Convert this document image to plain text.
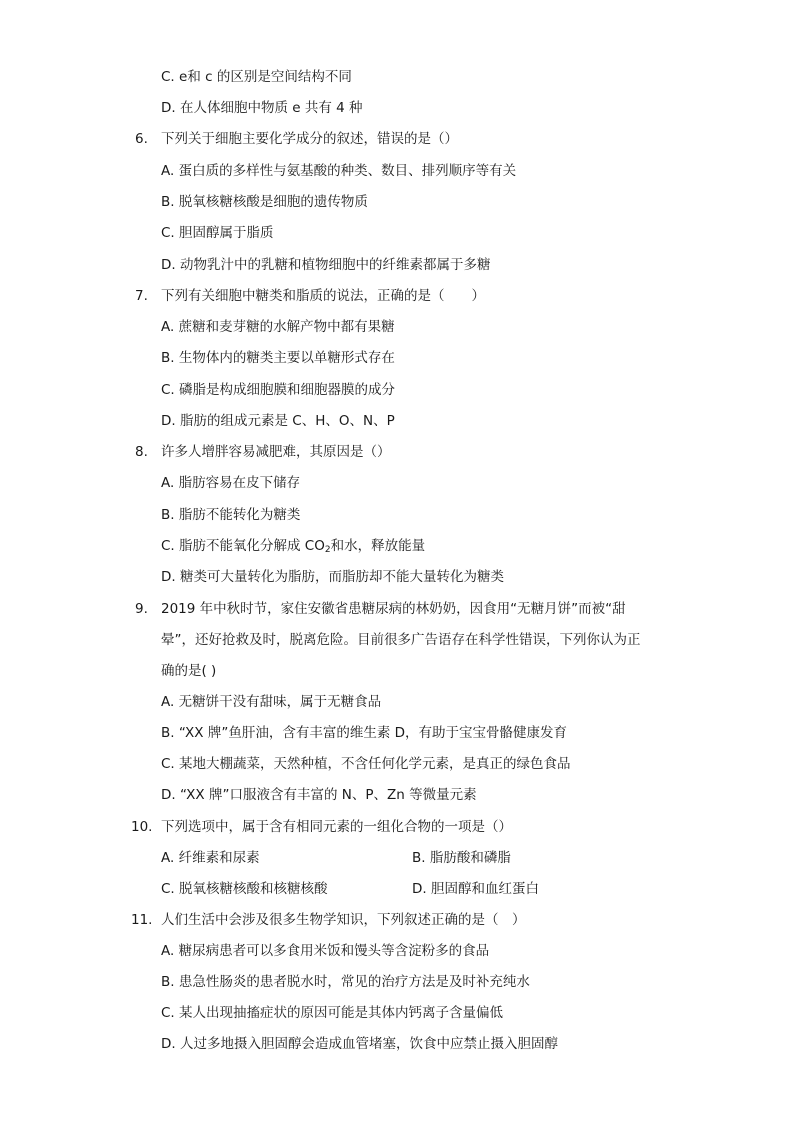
C. e和 c 的区别是空间结构不同
D. 在人体细胞中物质 e 共有 4 种
6. 下列关于细胞主要化学成分的叙述，错误的是（）
A. 蛋白质的多样性与氨基酸的种类、数目、排列顺序等有关
B. 脱氧核糖核酸是细胞的遗传物质
C. 胆固醇属于脂质
D. 动物乳汁中的乳糖和植物细胞中的纤维素都属于多糖
7. 下列有关细胞中糖类和脂质的说法，正确的是（　　）
A. 蔗糖和麦芽糖的水解产物中都有果糖
B. 生物体内的糖类主要以单糖形式存在
C. 磷脂是构成细胞膜和细胞器膜的成分
D. 脂肪的组成元素是 C、H、O、N、P
8. 许多人增胖容易减肥难，其原因是（）
A. 脂肪容易在皮下储存
B. 脂肪不能转化为糖类
C. 脂肪不能氧化分解成 $CO_2$和水，释放能量
D. 糖类可大量转化为脂肪，而脂肪却不能大量转化为糖类
9. 2019 年中秋时节，家住安徽省患糖尿病的林奶奶，因食用“无糖月饼”而被“甜
晕”，还好抢救及时，脱离危险。目前很多广告语存在科学性错误，下列你认为正
确的是( )
A. 无糖饼干没有甜味，属于无糖食品
B. “XX 牌”鱼肝油，含有丰富的维生素 D，有助于宝宝骨骼健康发育
C. 某地大棚蔬菜，天然种植，不含任何化学元素，是真正的绿色食品
D. “XX 牌”口服液含有丰富的 N、P、Zn 等微量元素
10. 下列选项中，属于含有相同元素的一组化合物的一项是（）
A. 纤维素和尿素	B. 脂肪酸和磷脂
C. 脱氧核糖核酸和核糖核酸	D. 胆固醇和血红蛋白
11. 人们生活中会涉及很多生物学知识，下列叙述正确的是（　）
A. 糖尿病患者可以多食用米饭和馒头等含淀粉多的食品
B. 患急性肠炎的患者脱水时，常见的治疗方法是及时补充纯水
C. 某人出现抽搐症状的原因可能是其体内钙离子含量偏低
D. 人过多地摄入胆固醇会造成血管堵塞，饮食中应禁止摄入胆固醇
